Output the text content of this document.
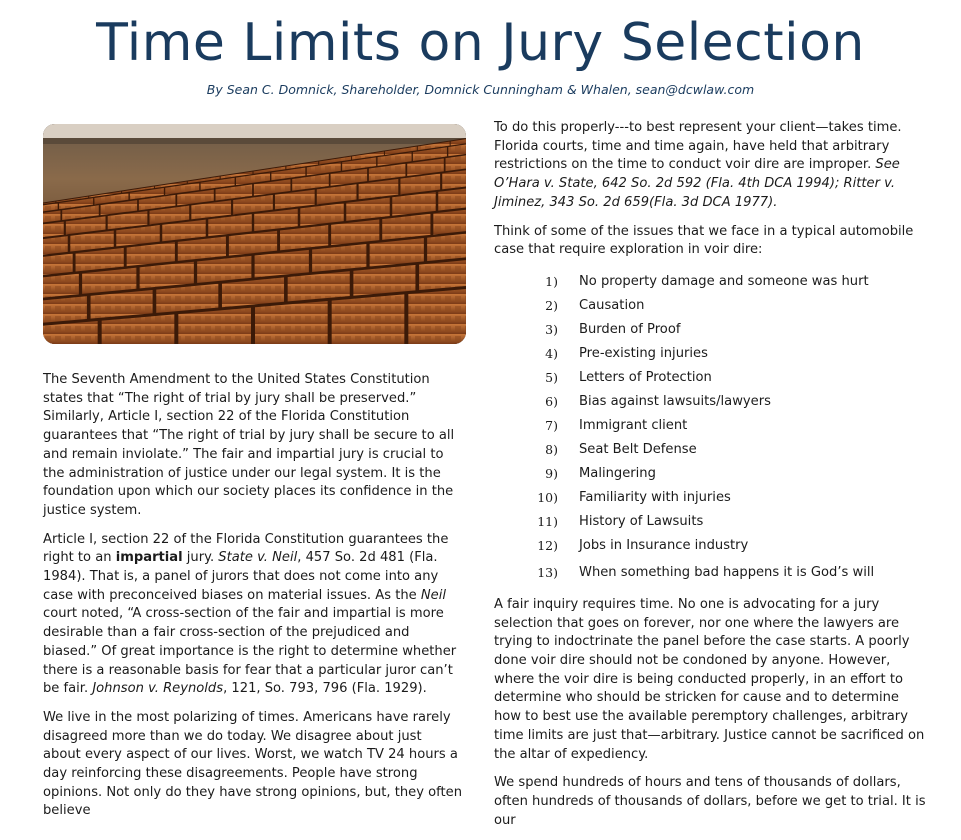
Time Limits on Jury Selection
By Sean C. Domnick, Shareholder, Domnick Cunningham & Whalen, sean@dcwlaw.com

The Seventh Amendment to the United States Constitution states that “The right of trial by jury shall be preserved.” Similarly, Article I, section 22 of the Florida Constitution guarantees that “The right of trial by jury shall be secure to all and remain inviolate.” The fair and impartial jury is crucial to the administration of justice under our legal system. It is the foundation upon which our society places its confidence in the justice system.

Article I, section 22 of the Florida Constitution guarantees the right to an impartial jury. State v. Neil, 457 So. 2d 481 (Fla. 1984). That is, a panel of jurors that does not come into any case with preconceived biases on material issues. As the Neil court noted, “A cross-section of the fair and impartial is more desirable than a fair cross-section of the prejudiced and biased.” Of great importance is the right to determine whether there is a reasonable basis for fear that a particular juror can’t be fair. Johnson v. Reynolds, 121, So. 793, 796 (Fla. 1929).

We live in the most polarizing of times. Americans have rarely disagreed more than we do today. We disagree about just about every aspect of our lives. Worst, we watch TV 24 hours a day reinforcing these disagreements. People have strong opinions. Not only do they have strong opinions, but, they often believe

To do this properly---to best represent your client—takes time. Florida courts, time and time again, have held that arbitrary restrictions on the time to conduct voir dire are improper. See O’Hara v. State, 642 So. 2d 592 (Fla. 4th DCA 1994); Ritter v. Jiminez, 343 So. 2d 659(Fla. 3d DCA 1977).

Think of some of the issues that we face in a typical automobile case that require exploration in voir dire:

1) No property damage and someone was hurt
2) Causation
3) Burden of Proof
4) Pre-existing injuries
5) Letters of Protection
6) Bias against lawsuits/lawyers
7) Immigrant client
8) Seat Belt Defense
9) Malingering
10) Familiarity with injuries
11) History of Lawsuits
12) Jobs in Insurance industry
13) When something bad happens it is God’s will

A fair inquiry requires time. No one is advocating for a jury selection that goes on forever, nor one where the lawyers are trying to indoctrinate the panel before the case starts. A poorly done voir dire should not be condoned by anyone. However, where the voir dire is being conducted properly, in an effort to determine who should be stricken for cause and to determine how to best use the available peremptory challenges, arbitrary time limits are just that—arbitrary. Justice cannot be sacrificed on the altar of expediency.

We spend hundreds of hours and tens of thousands of dollars, often hundreds of thousands of dollars, before we get to trial. It is our
